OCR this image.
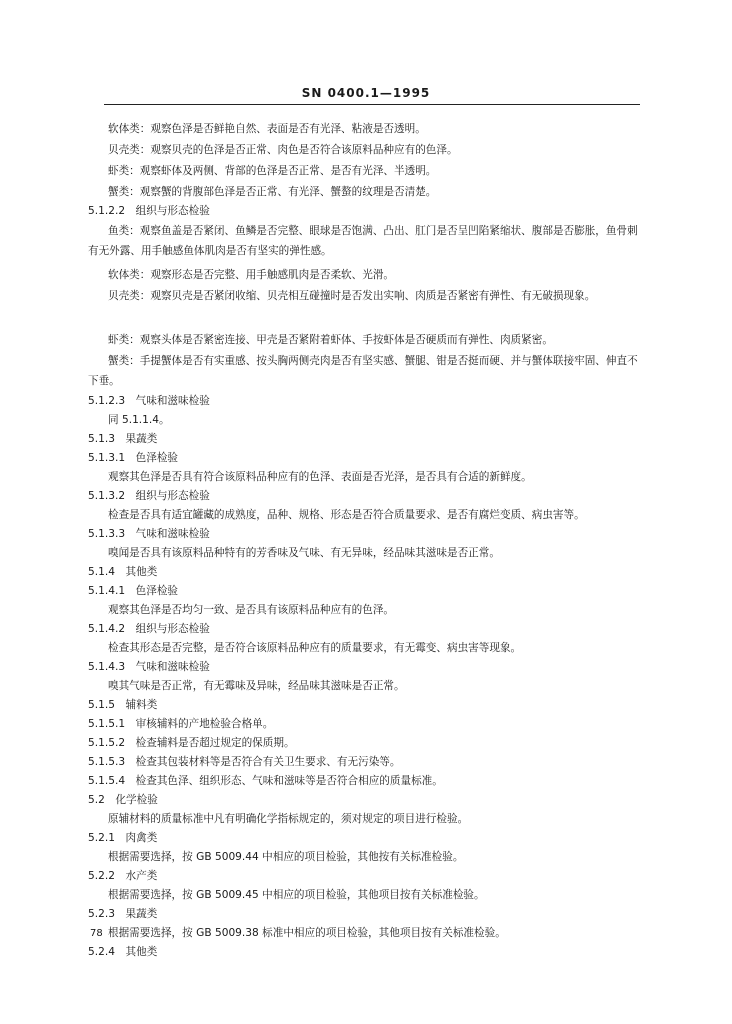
SN 0400.1—1995
软体类：观察色泽是否鲜艳自然、表面是否有光泽、粘液是否透明。
贝壳类：观察贝壳的色泽是否正常、肉色是否符合该原料品种应有的色泽。
虾类：观察虾体及两侧、背部的色泽是否正常、是否有光泽、半透明。
蟹类：观察蟹的背腹部色泽是否正常、有光泽、蟹螯的纹理是否清楚。
5.1.2.2　组织与形态检验
鱼类：观察鱼盖是否紧闭、鱼鳞是否完整、眼球是否饱满、凸出、肛门是否呈凹陷紧缩状、腹部是否膨胀，鱼骨刺有无外露、用手触感鱼体肌肉是否有坚实的弹性感。
软体类：观察形态是否完整、用手触感肌肉是否柔软、光滑。
贝壳类：观察贝壳是否紧闭收缩、贝壳相互碰撞时是否发出实响、肉质是否紧密有弹性、有无破损现象。
虾类：观察头体是否紧密连接、甲壳是否紧附着虾体、手按虾体是否硬质而有弹性、肉质紧密。
蟹类：手提蟹体是否有实重感、按头胸两侧壳肉是否有坚实感、蟹腿、钳是否挺而硬、并与蟹体联接牢固、伸直不下垂。
5.1.2.3　气味和滋味检验
同 5.1.1.4。
5.1.3　果蔬类
5.1.3.1　色泽检验
观察其色泽是否具有符合该原料品种应有的色泽、表面是否光泽，是否具有合适的新鲜度。
5.1.3.2　组织与形态检验
检查是否具有适宜罐藏的成熟度，品种、规格、形态是否符合质量要求、是否有腐烂变质、病虫害等。
5.1.3.3　气味和滋味检验
嗅闻是否具有该原料品种特有的芳香味及气味、有无异味，经品味其滋味是否正常。
5.1.4　其他类
5.1.4.1　色泽检验
观察其色泽是否均匀一致、是否具有该原料品种应有的色泽。
5.1.4.2　组织与形态检验
检查其形态是否完整，是否符合该原料品种应有的质量要求，有无霉变、病虫害等现象。
5.1.4.3　气味和滋味检验
嗅其气味是否正常，有无霉味及异味，经品味其滋味是否正常。
5.1.5　辅料类
5.1.5.1　审核辅料的产地检验合格单。
5.1.5.2　检查辅料是否超过规定的保质期。
5.1.5.3　检查其包装材料等是否符合有关卫生要求、有无污染等。
5.1.5.4　检查其色泽、组织形态、气味和滋味等是否符合相应的质量标准。
5.2　化学检验
原辅材料的质量标准中凡有明确化学指标规定的，须对规定的项目进行检验。
5.2.1　肉禽类
根据需要选择，按 GB 5009.44 中相应的项目检验，其他按有关标准检验。
5.2.2　水产类
根据需要选择，按 GB 5009.45 中相应的项目检验，其他项目按有关标准检验。
5.2.3　果蔬类
根据需要选择，按 GB 5009.38 标准中相应的项目检验，其他项目按有关标准检验。
5.2.4　其他类
78
